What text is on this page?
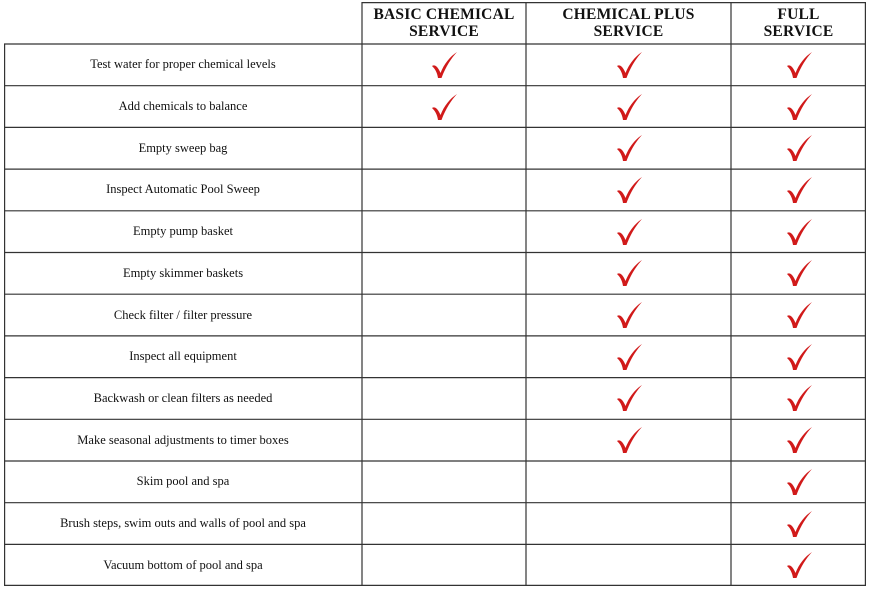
BASIC CHEMICAL
SERVICE
CHEMICAL PLUS
SERVICE
FULL
SERVICE
Test water for proper chemical levels
Add chemicals to balance
Empty sweep bag
Inspect Automatic Pool Sweep
Empty pump basket
Empty skimmer baskets
Check filter / filter pressure
Inspect all equipment
Backwash or clean filters as needed
Make seasonal adjustments to timer boxes
Skim pool and spa
Brush steps, swim outs and walls of pool and spa
Vacuum bottom of pool and spa
